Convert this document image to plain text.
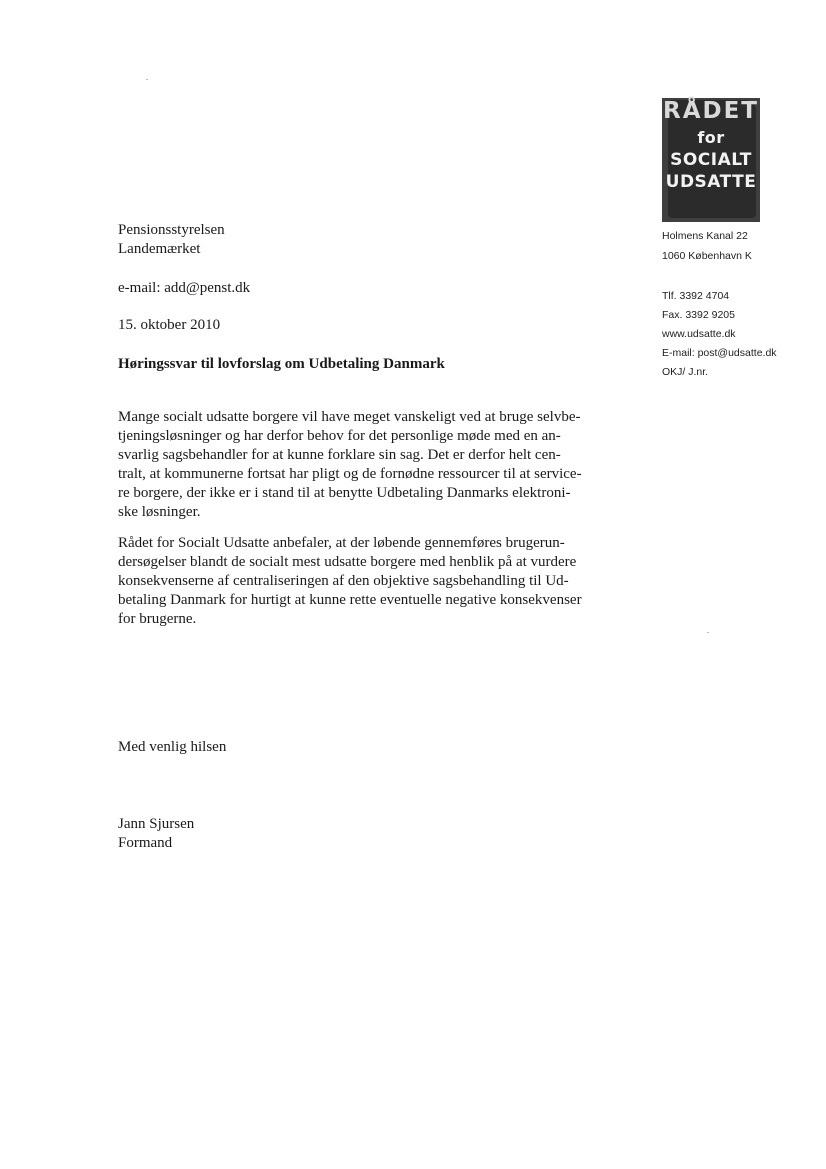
RÅDET
for
SOCIALT
UDSATTE
Holmens Kanal 22
1060 København K
Tlf. 3392 4704
Fax. 3392 9205
www.udsatte.dk
E-mail: post@udsatte.dk
OKJ/ J.nr.
Pensionsstyrelsen
Landemærket
e-mail: add@penst.dk
15. oktober 2010
Høringssvar til lovforslag om Udbetaling Danmark
Mange socialt udsatte borgere vil have meget vanskeligt ved at bruge selvbe-
tjeningsløsninger og har derfor behov for det personlige møde med en an-
svarlig sagsbehandler for at kunne forklare sin sag. Det er derfor helt cen-
tralt, at kommunerne fortsat har pligt og de fornødne ressourcer til at service-
re borgere, der ikke er i stand til at benytte Udbetaling Danmarks elektroni-
ske løsninger.
Rådet for Socialt Udsatte anbefaler, at der løbende gennemføres brugerun-
dersøgelser blandt de socialt mest udsatte borgere med henblik på at vurdere
konsekvenserne af centraliseringen af den objektive sagsbehandling til Ud-
betaling Danmark for hurtigt at kunne rette eventuelle negative konsekvenser
for brugerne.
Med venlig hilsen
Jann Sjursen
Formand
